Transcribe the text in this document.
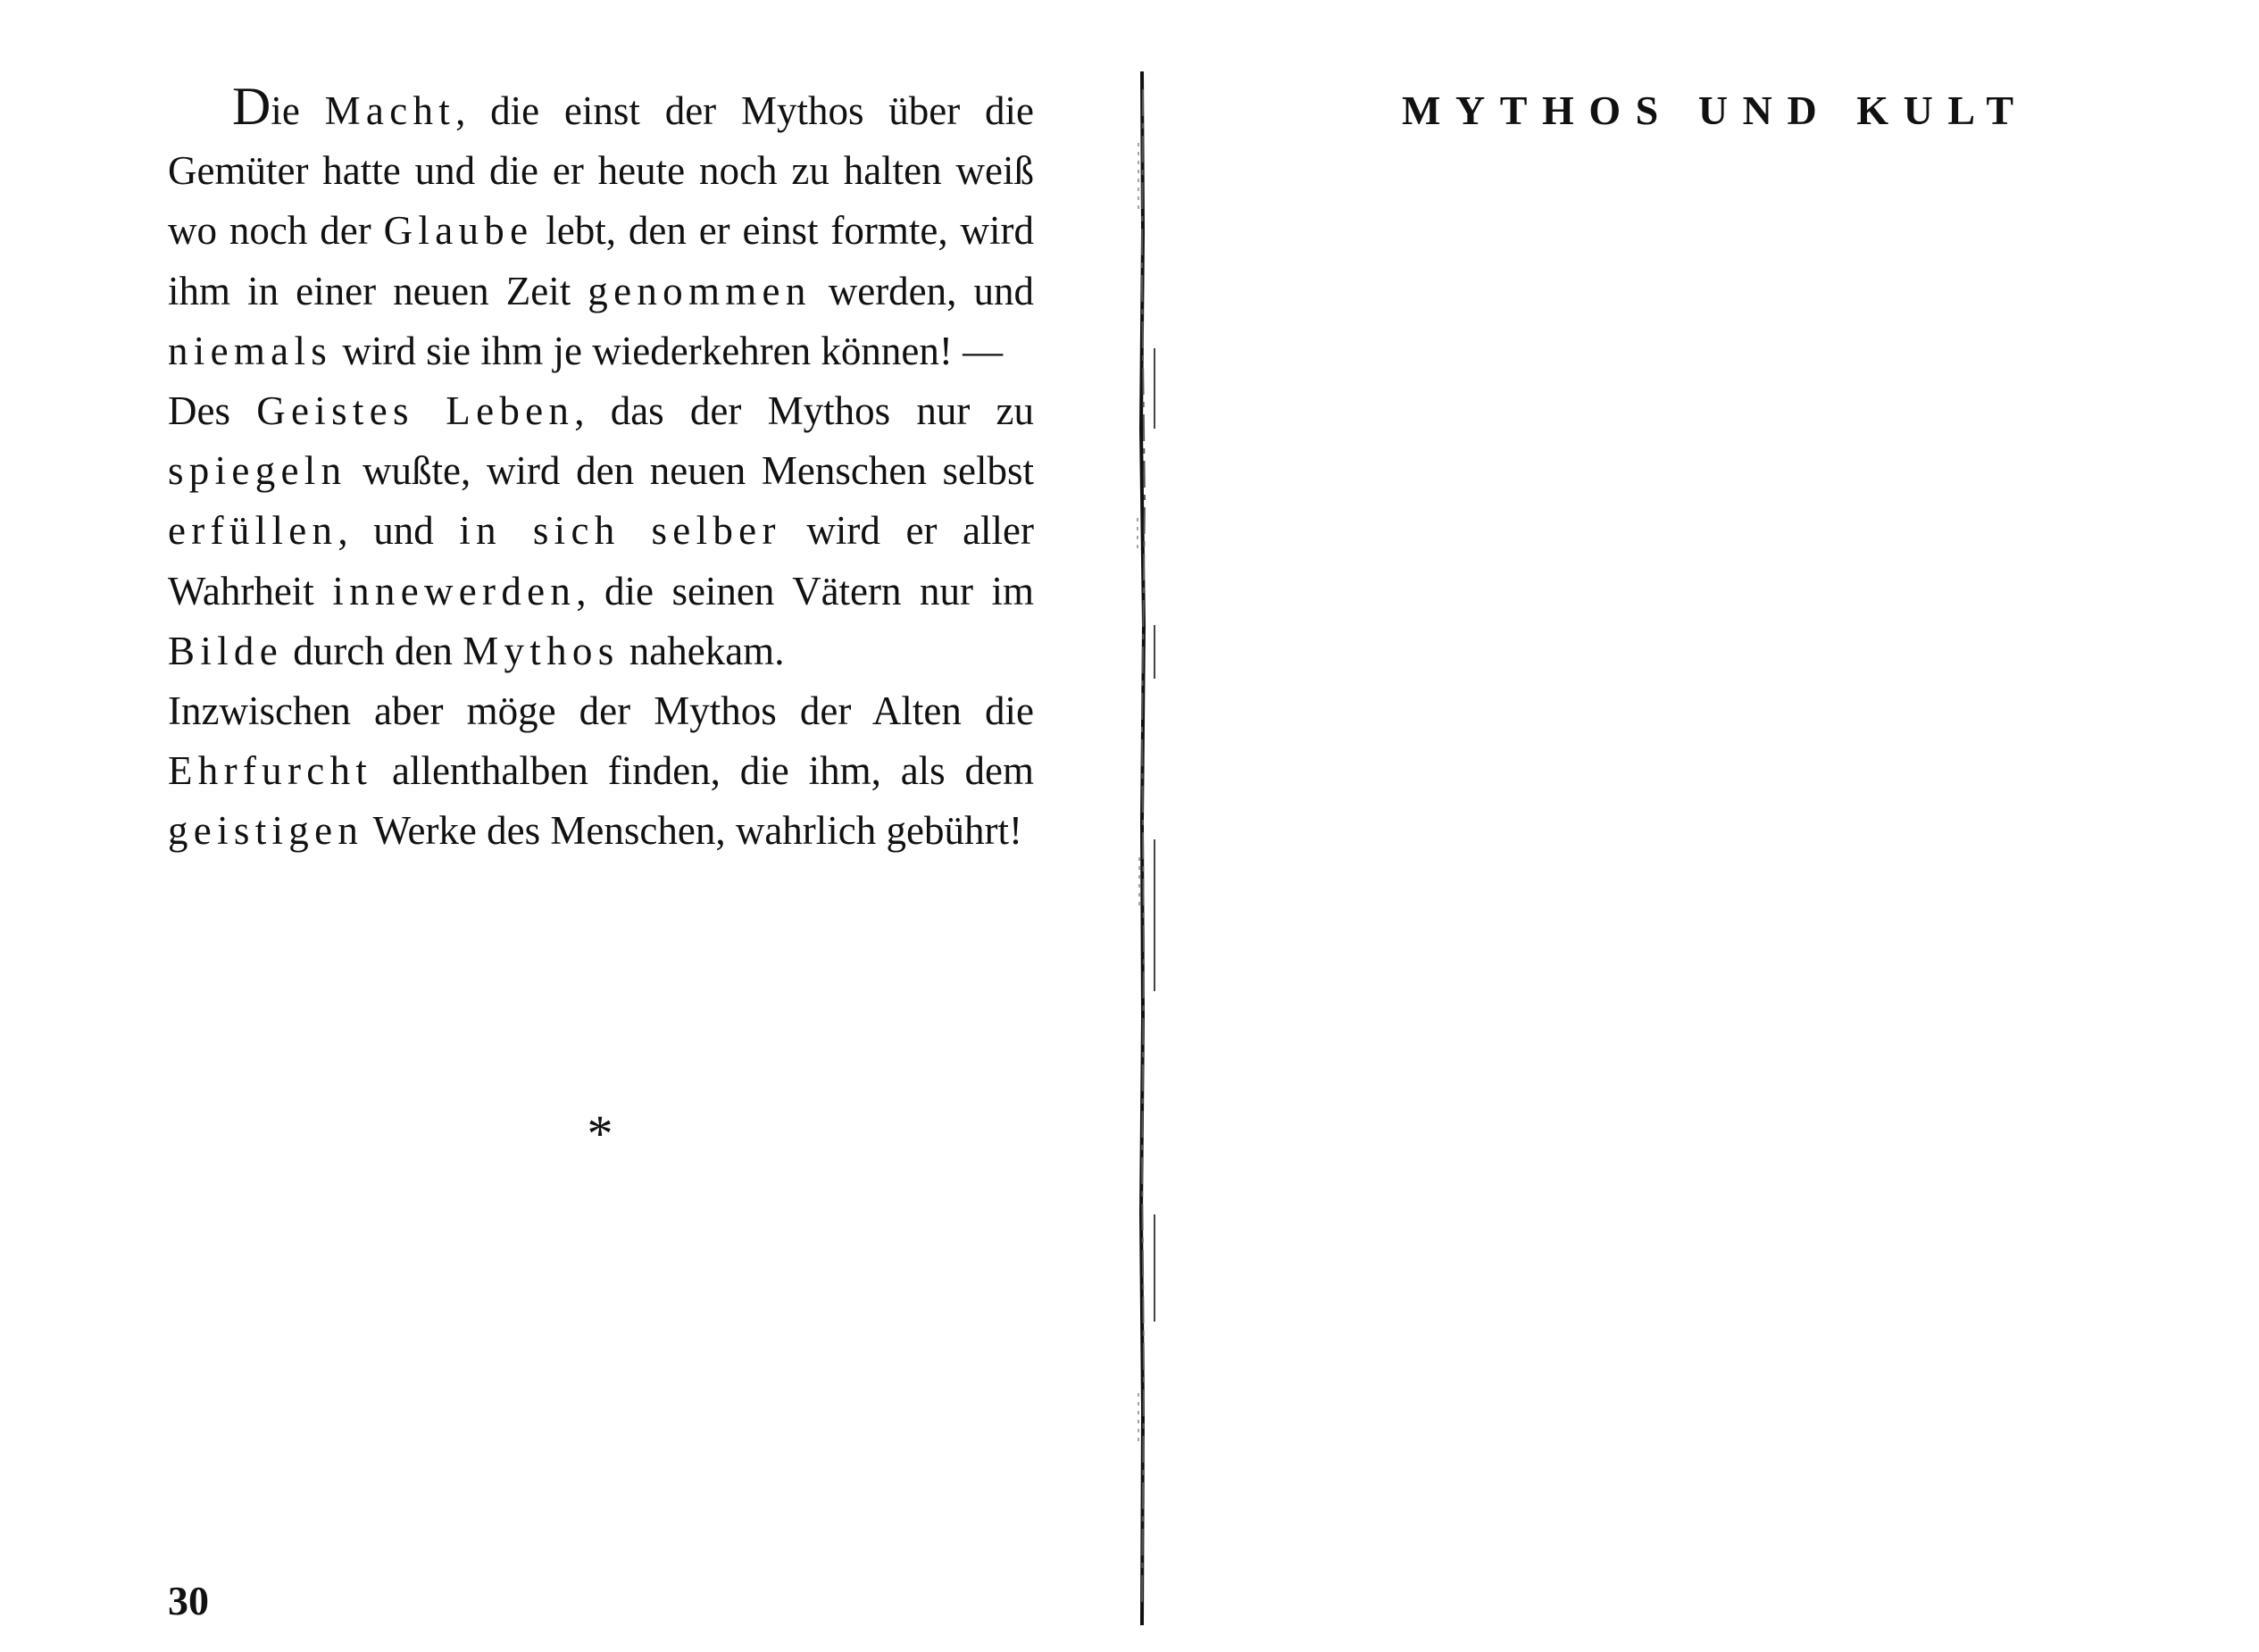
Die Macht, die einst der Mythos über die Gemüter hatte und die er heute noch zu halten weiß wo noch der Glaube lebt, den er einst formte, wird ihm in einer neuen Zeit genommen werden, und niemals wird sie ihm je wiederkehren können! —

Des Geistes Leben, das der Mythos nur zu spiegeln wußte, wird den neuen Menschen selbst erfüllen, und in sich selber wird er aller Wahrheit innewerden, die seinen Vätern nur im Bilde durch den Mythos nahekam.

Inzwischen aber möge der Mythos der Alten die Ehrfurcht allenthalben finden, die ihm, als dem geistigen Werke des Menschen, wahrlich gebührt!

*
30
MYTHOS UND KULT
